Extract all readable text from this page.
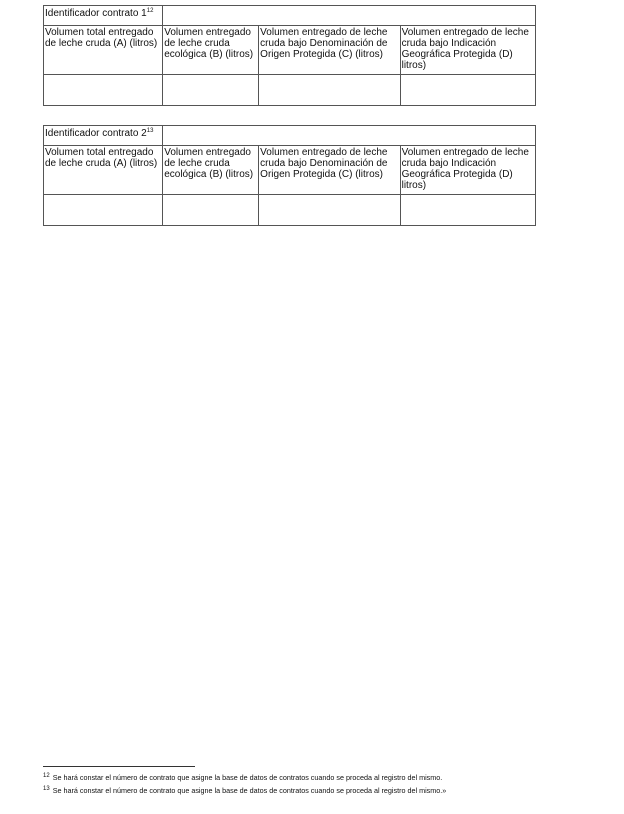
Identificador contrato $1^{12}$	
Volumen total entregado de leche cruda (A) (litros)	Volumen entregado de leche cruda ecológica (B) (litros)	Volumen entregado de leche cruda bajo Denominación de Origen Protegida (C) (litros)	Volumen entregado de leche cruda bajo Indicación Geográfica Protegida (D) litros)

Identificador contrato $2^{13}$	
Volumen total entregado de leche cruda (A) (litros)	Volumen entregado de leche cruda ecológica (B) (litros)	Volumen entregado de leche cruda bajo Denominación de Origen Protegida (C) (litros)	Volumen entregado de leche cruda bajo Indicación Geográfica Protegida (D) litros)

$^{12}$ Se hará constar el número de contrato que asigne la base de datos de contratos cuando se proceda al registro del mismo.
$^{13}$ Se hará constar el número de contrato que asigne la base de datos de contratos cuando se proceda al registro del mismo.»
